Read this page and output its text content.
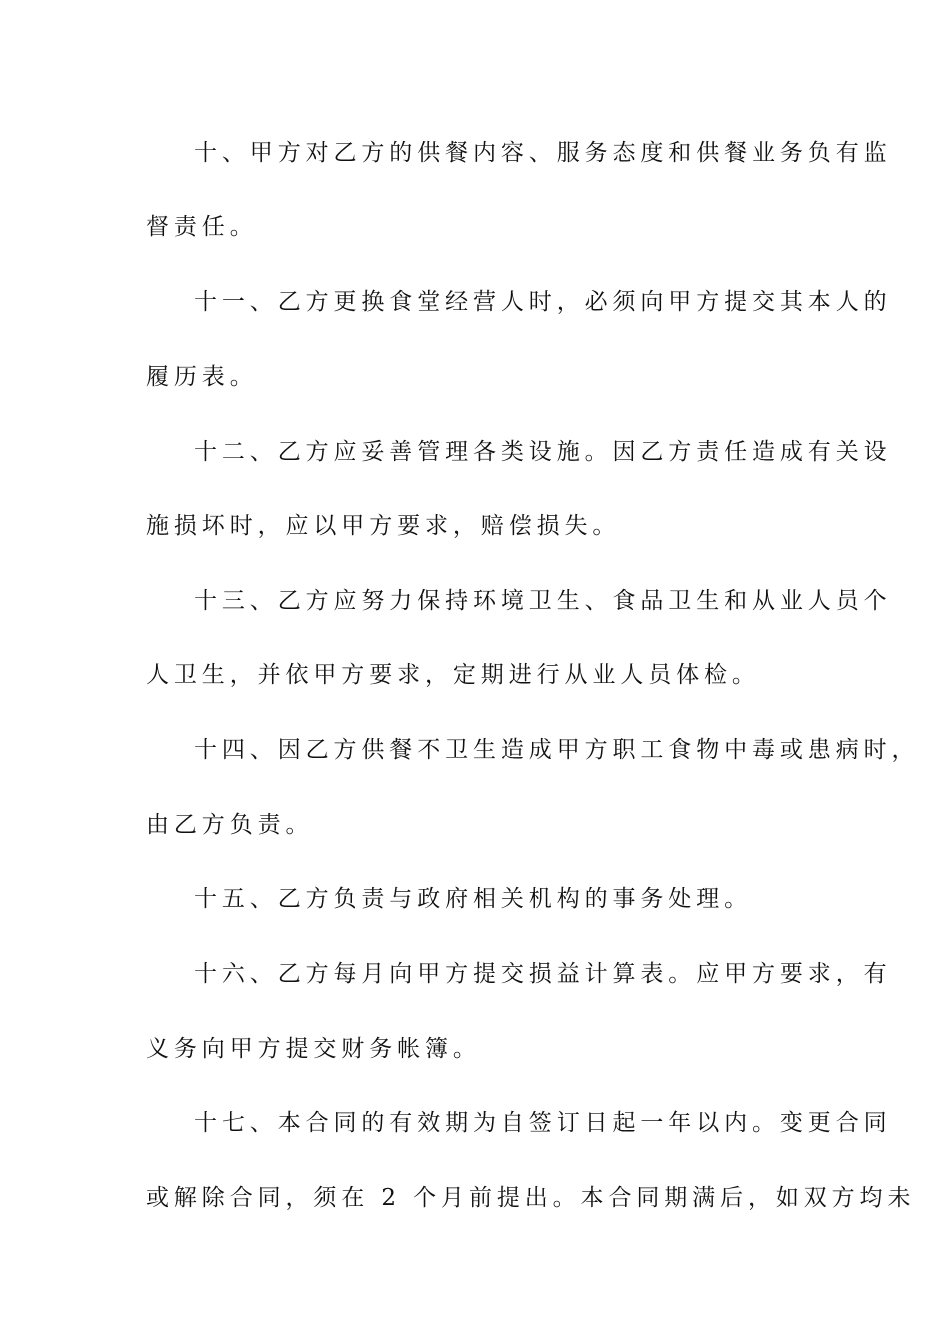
十、甲方对乙方的供餐内容、服务态度和供餐业务负有监
督责任。
十一、乙方更换食堂经营人时，必须向甲方提交其本人的
履历表。
十二、乙方应妥善管理各类设施。因乙方责任造成有关设
施损坏时，应以甲方要求，赔偿损失。
十三、乙方应努力保持环境卫生、食品卫生和从业人员个
人卫生，并依甲方要求，定期进行从业人员体检。
十四、因乙方供餐不卫生造成甲方职工食物中毒或患病时，
由乙方负责。
十五、乙方负责与政府相关机构的事务处理。
十六、乙方每月向甲方提交损益计算表。应甲方要求，有
义务向甲方提交财务帐簿。
十七、本合同的有效期为自签订日起一年以内。变更合同
或解除合同，须在 2 个月前提出。本合同期满后，如双方均未
